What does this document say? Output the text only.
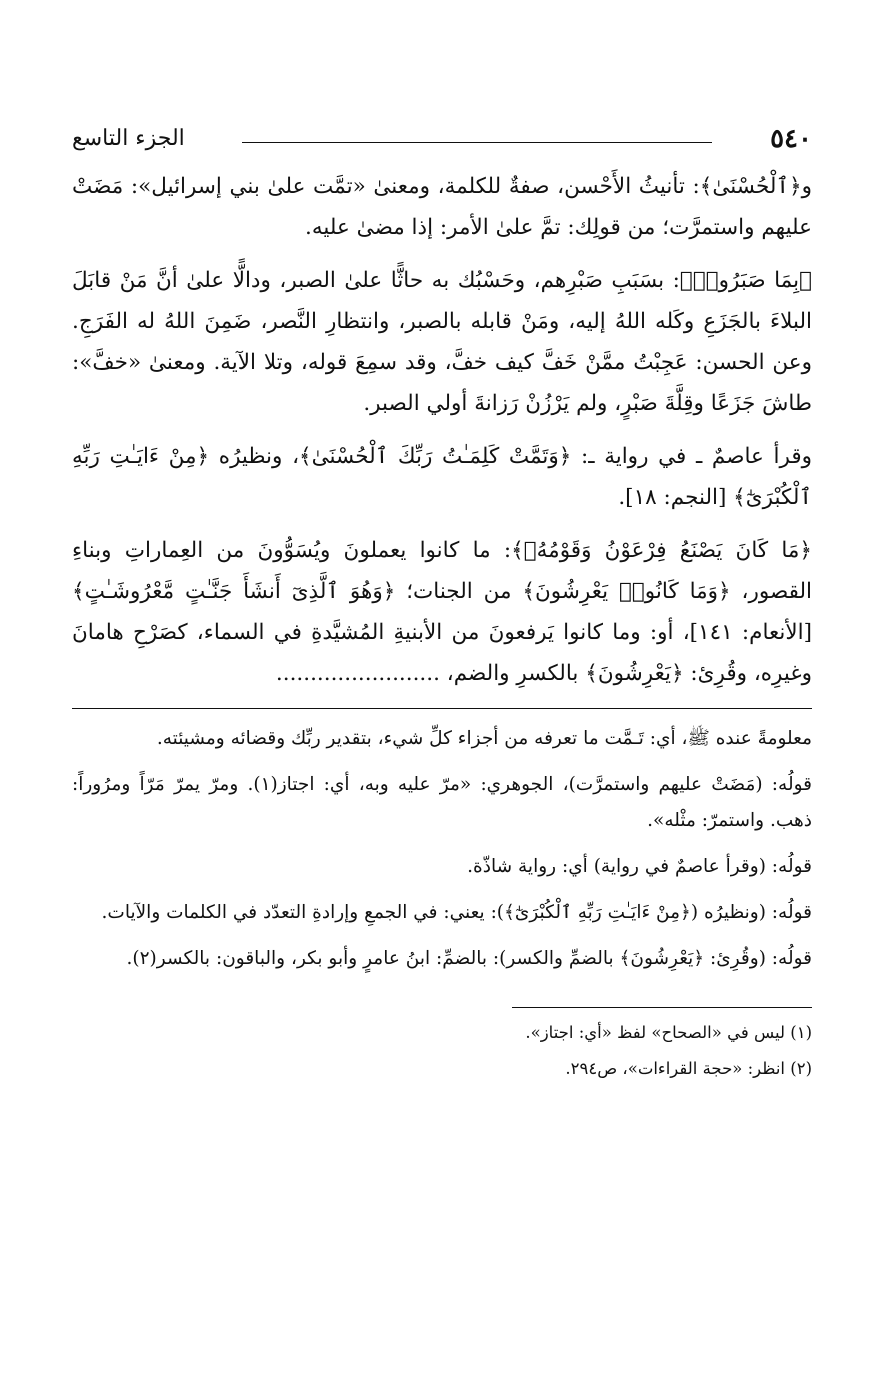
٥٤٠
الجزء التاسع

و﴿ٱلْحُسْنَىٰ﴾: تأنيثُ الأَحْسن، صفةٌ للكلمة، ومعنىٰ «تمَّت علىٰ بني إسرائيل»: مَضَتْ عليهم واستمرَّت؛ من قولِك: تمَّ علىٰ الأمر: إذا مضىٰ عليه.

﴿بِمَا صَبَرُوا۟﴾: بسَبَبِ صَبْرِهم، وحَسْبُك به حاثًّا علىٰ الصبر، ودالًّا علىٰ أنَّ مَنْ قابَلَ البلاءَ بالجَزَعِ وكَله اللهُ إليه، ومَنْ قابله بالصبر، وانتظارِ النَّصر، ضَمِنَ اللهُ له الفَرَجِ. وعن الحسن: عَجِبْتُ ممَّنْ خَفَّ كيف خفَّ، وقد سمِعَ قوله، وتلا الآية. ومعنىٰ «خفَّ»: طاشَ جَزَعًا وقِلَّةَ صَبْرٍ، ولم يَرْزُنْ رَزانةَ أولي الصبر.

وقرأ عاصمٌ ـ في رواية ـ: ﴿وَتَمَّتْ كَلِمَـٰتُ رَبِّكَ ٱلْحُسْنَىٰ﴾، ونظيرُه ﴿مِنْ ءَايَـٰتِ رَبِّهِ ٱلْكُبْرَىٰٓ﴾ [النجم: ١٨].

﴿مَا كَانَ يَصْنَعُ فِرْعَوْنُ وَقَوْمُهُۥ﴾: ما كانوا يعملونَ ويُسَوُّونَ من العِماراتِ وبناءِ القصور، ﴿وَمَا كَانُوا۟ يَعْرِشُونَ﴾ من الجنات؛ ﴿وَهُوَ ٱلَّذِىٓ أَنشَأَ جَنَّـٰتٍ مَّعْرُوشَـٰتٍ﴾ [الأنعام: ١٤١]، أو: وما كانوا يَرفعونَ من الأبنيةِ المُشيَّدةِ في السماء، كصَرْحِ هامانَ وغيرِه، وقُرِئ: ﴿يَعْرِشُونَ﴾ بالكسرِ والضم، ........................

معلومةً عنده ﷺ، أي: تَـمَّت ما تعرفه من أجزاء كلِّ شيء، بتقدير ربِّك وقضائه ومشيئته.

قولُه: (مَضَتْ عليهم واستمرَّت)، الجوهري: «مرّ عليه وبه، أي: اجتاز(١). ومرّ يمرّ مَرّاً ومرُوراً: ذهب. واستمرّ: مثْله».

قولُه: (وقرأ عاصمٌ في رواية) أي: رواية شاذّة.

قولُه: (ونظيرُه (﴿مِنْ ءَايَـٰتِ رَبِّهِ ٱلْكُبْرَىٰٓ﴾): يعني: في الجمعِ وإرادةِ التعدّد في الكلمات والآيات.

قولُه: (وقُرِئ: ﴿يَعْرِشُونَ﴾ بالضمِّ والكسر): بالضمِّ: ابنُ عامرٍ وأبو بكر، والباقون: بالكسر(٢).

(١) ليس في «الصحاح» لفظ «أي: اجتاز».

(٢) انظر: «حجة القراءات»، ص٢٩٤.
